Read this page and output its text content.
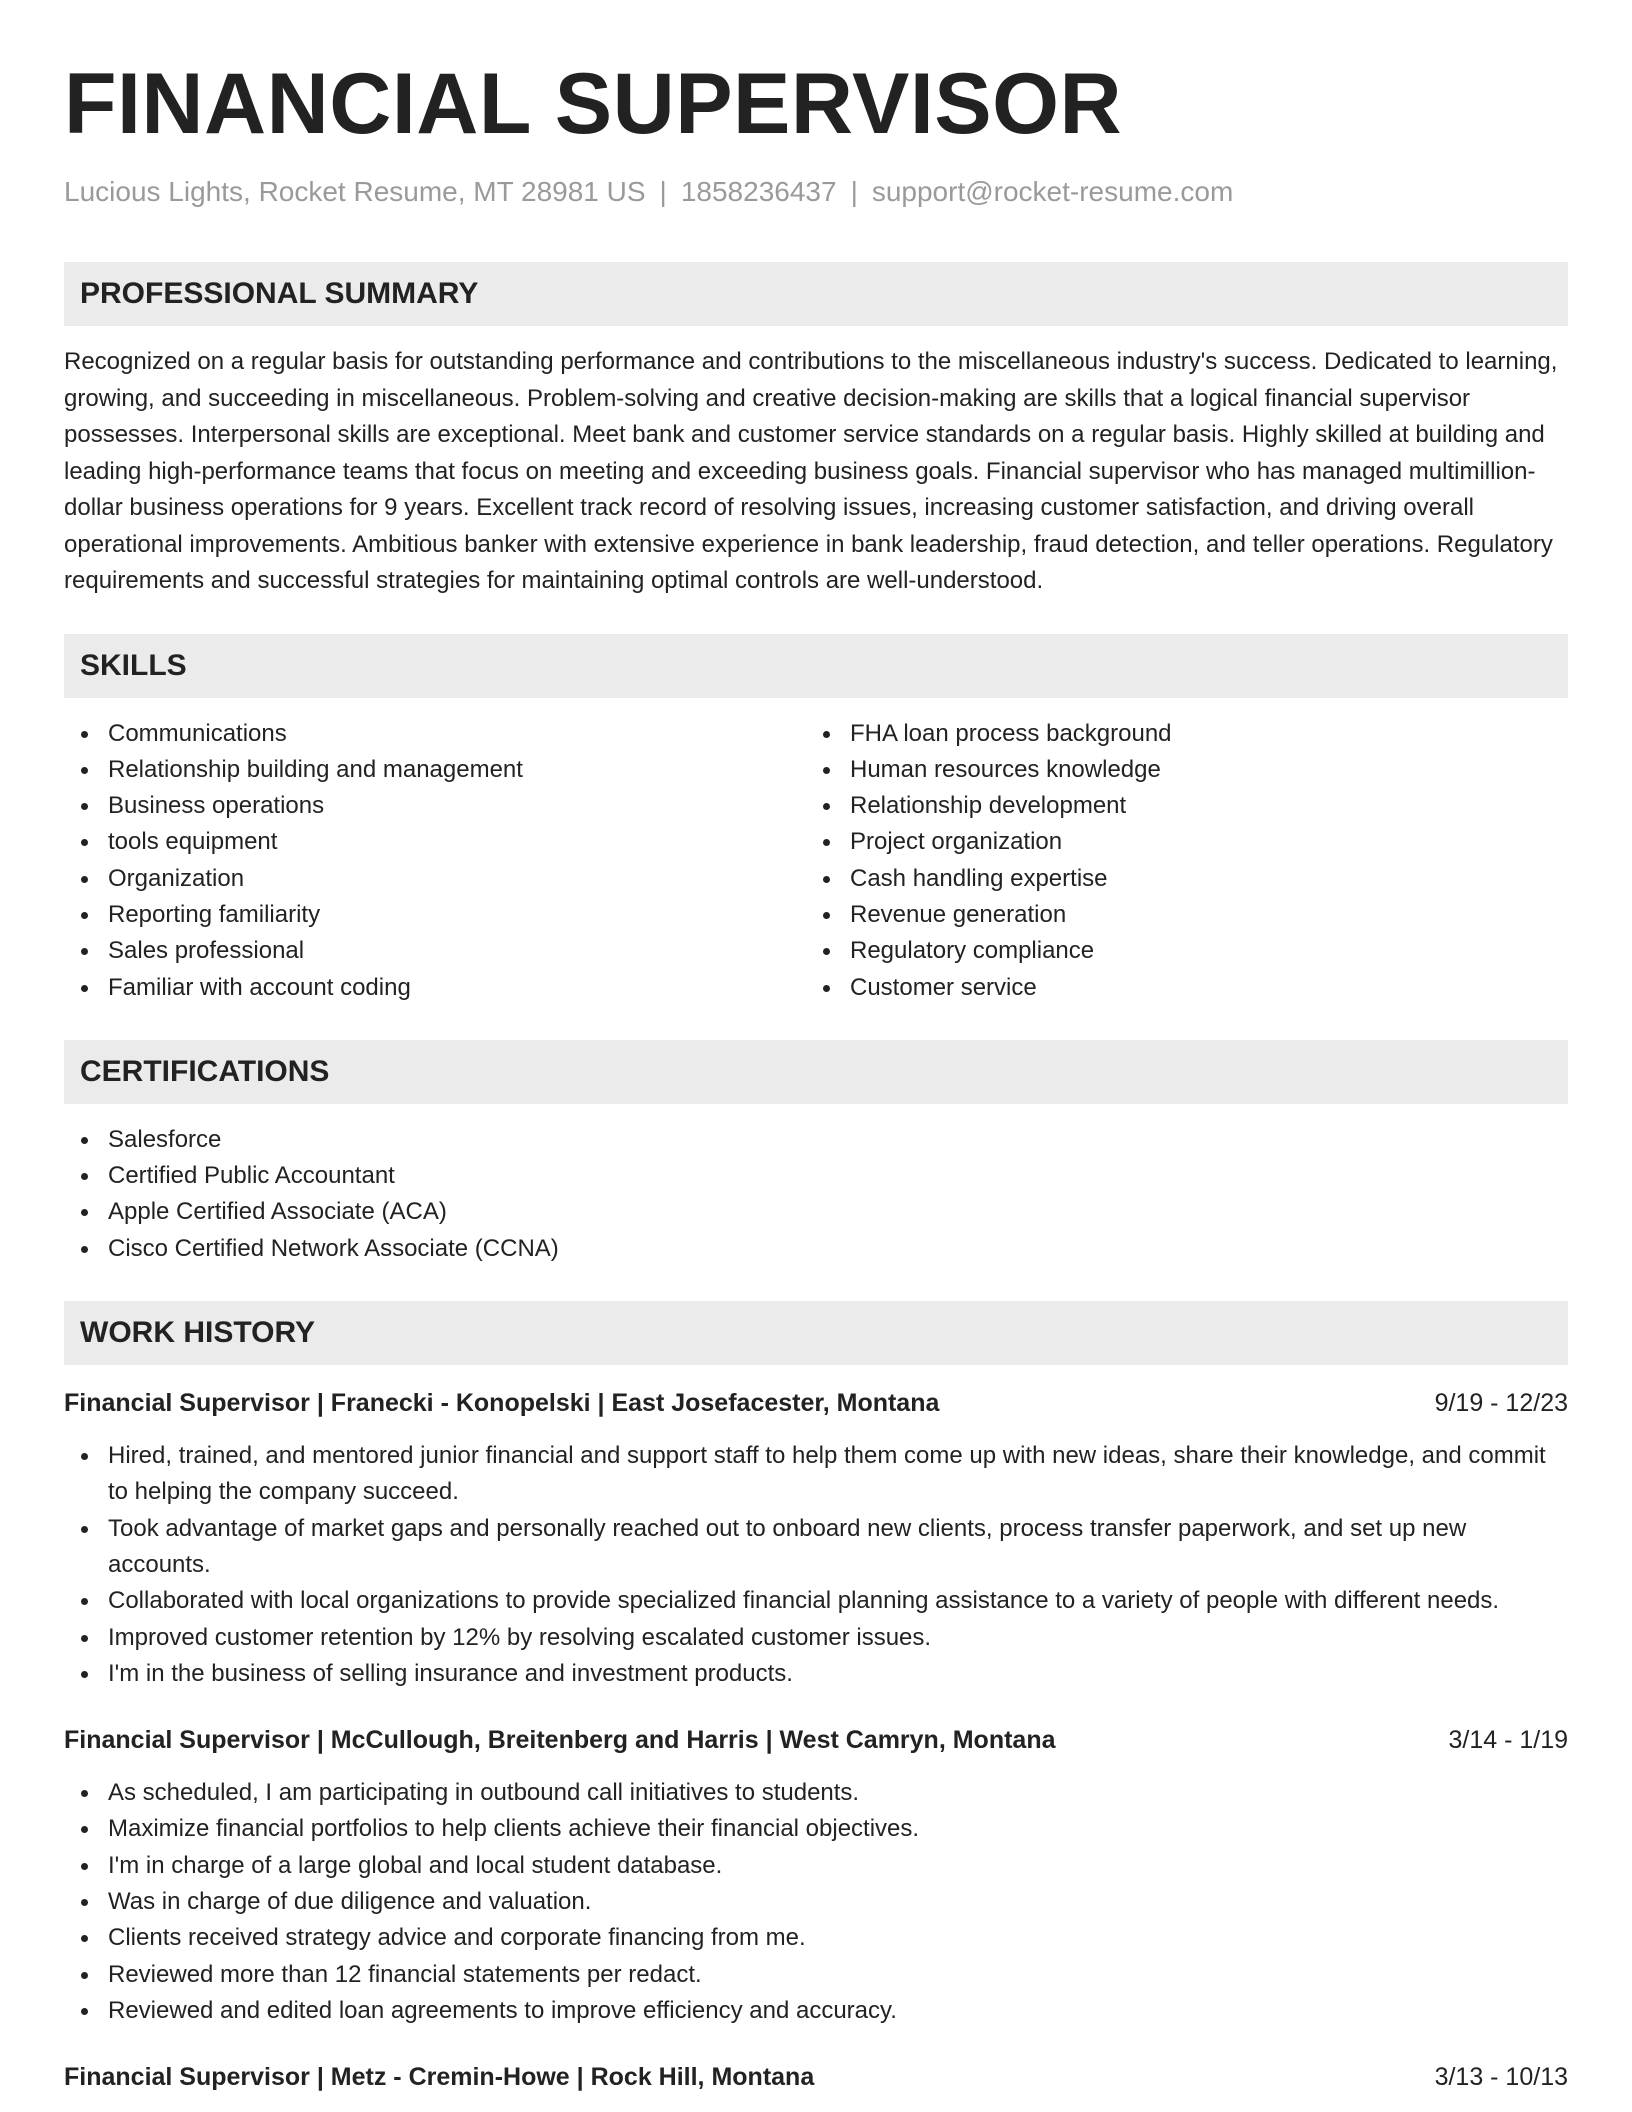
FINANCIAL SUPERVISOR
Lucious Lights, Rocket Resume, MT 28981 US | 1858236437 | support@rocket-resume.com
PROFESSIONAL SUMMARY

Recognized on a regular basis for outstanding performance and contributions to the miscellaneous industry's success. Dedicated to learning, growing, and succeeding in miscellaneous. Problem-solving and creative decision-making are skills that a logical financial supervisor possesses. Interpersonal skills are exceptional. Meet bank and customer service standards on a regular basis. Highly skilled at building and leading high-performance teams that focus on meeting and exceeding business goals. Financial supervisor who has managed multimillion-dollar business operations for 9 years. Excellent track record of resolving issues, increasing customer satisfaction, and driving overall operational improvements. Ambitious banker with extensive experience in bank leadership, fraud detection, and teller operations. Regulatory requirements and successful strategies for maintaining optimal controls are well-understood.

SKILLS
Communications
Relationship building and management
Business operations
tools equipment
Organization
Reporting familiarity
Sales professional
Familiar with account coding
FHA loan process background
Human resources knowledge
Relationship development
Project organization
Cash handling expertise
Revenue generation
Regulatory compliance
Customer service
CERTIFICATIONS
Salesforce
Certified Public Accountant
Apple Certified Associate (ACA)
Cisco Certified Network Associate (CCNA)
WORK HISTORY
Financial Supervisor | Franecki - Konopelski | East Josefacester, Montana	9/19 - 12/23
Hired, trained, and mentored junior financial and support staff to help them come up with new ideas, share their knowledge, and commit to helping the company succeed.
Took advantage of market gaps and personally reached out to onboard new clients, process transfer paperwork, and set up new accounts.
Collaborated with local organizations to provide specialized financial planning assistance to a variety of people with different needs.
Improved customer retention by 12% by resolving escalated customer issues.
I'm in the business of selling insurance and investment products.
Financial Supervisor | McCullough, Breitenberg and Harris | West Camryn, Montana	3/14 - 1/19
As scheduled, I am participating in outbound call initiatives to students.
Maximize financial portfolios to help clients achieve their financial objectives.
I'm in charge of a large global and local student database.
Was in charge of due diligence and valuation.
Clients received strategy advice and corporate financing from me.
Reviewed more than 12 financial statements per redact.
Reviewed and edited loan agreements to improve efficiency and accuracy.
Financial Supervisor | Metz - Cremin-Howe | Rock Hill, Montana	3/13 - 10/13
